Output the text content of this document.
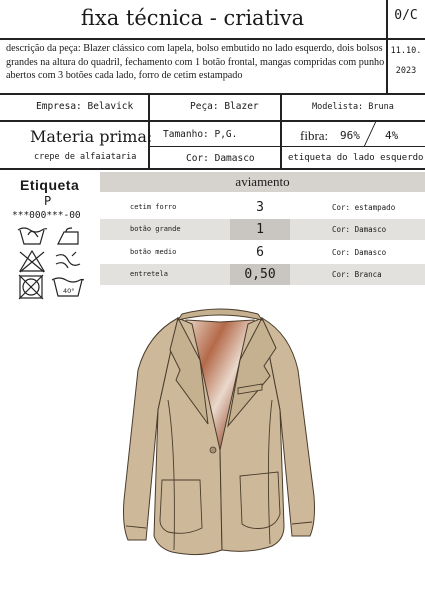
fixa técnica - criativa	0/C
descrição da peça: Blazer clássico com lapela, bolso embutido no lado esquerdo, dois bolsos grandes na altura do quadril, fechamento com 1 botão frontal, mangas compridas com punho abertos com 3 botões cada lado, forro de cetim estampado
11.10.
2023
Empresa: Belavick	Peça: Blazer	Modelista: Bruna
Materia prima:
crepe de alfaiataria
Tamanho: P,G.	fibra: 96% 4%
Cor: Damasco	etiqueta do lado esquerdo
Etiqueta
P
***000***-00
40°
aviamento
cetim forro	3	Cor: estampado
botão grande	1	Cor: Damasco
botão medio	6	Cor: Damasco
entretela	0,50	Cor: Branca
